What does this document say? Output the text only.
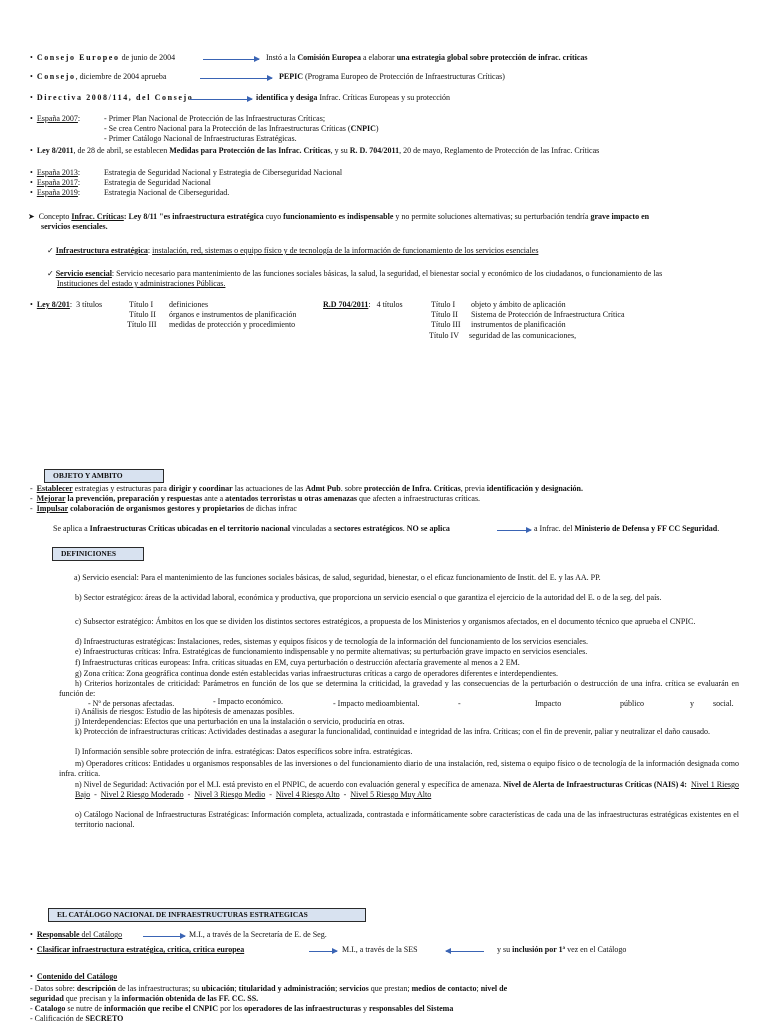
•  Consejo Europeo de junio de 2004	Instó a la Comisión Europea a elaborar una estrategia global sobre protección de infrac. críticas
•  Consejo, diciembre de 2004 aprueba	PEPIC (Programa Europeo de Protección de Infraestructuras Críticas)
•  Directiva 2008/114, del Consejo	identifica y desiga Infrac. Críticas Europeas y su protección
•  España 2007:	- Primer Plan Nacional de Protección de las Infraestructuras Críticas;
- Se crea Centro Nacional para la Protección de las Infraestructuras Críticas (CNPIC)
- Primer Catálogo Nacional de Infraestructuras Estratégicas.
•  Ley 8/2011, de 28 de abril, se establecen Medidas para Protección de las Infrac. Críticas, y su R. D. 704/2011, 20 de mayo, Reglamento de Protección de las Infrac. Críticas
•  España 2013:	Estrategia de Seguridad Nacional y Estrategia de Ciberseguridad Nacional
•  España 2017:	Estrategia de Seguridad Nacional
•  España 2019:	Estrategia Nacional de Ciberseguridad.
➤ Concepto Infrac. Críticas: Ley 8/11 "es infraestructura estratégica cuyo funcionamiento es indispensable y no permite soluciones alternativas; su perturbación tendría grave impacto en
servicios esenciales.
✓ Infraestructura estratégica: instalación, red, sistemas o equipo físico y de tecnología de la información de funcionamiento de los servicios esenciales
✓ Servicio esencial: Servicio necesario para mantenimiento de las funciones sociales básicas, la salud, la seguridad, el bienestar social y económico de los ciudadanos, o funcionamiento de las
Instituciones del estado y administraciones Públicas.
•  Ley 8/201:  3 títulos	Título I definiciones
Título II órganos e instrumentos de planificación
Título III medidas de protección y procedimiento
R.D 704/2011:   4 títulos	Título I objeto y ámbito de aplicación
Título II Sistema de Protección de Infraestructura Crítica
Título III instrumentos de planificación
Título IV seguridad de las comunicaciones,
OBJETO Y AMBITO
-  Establecer estrategias y estructuras para dirigir y coordinar las actuaciones de las Admt Pub. sobre protección de Infra. Críticas, previa identificación y designación.
-  Mejorar la prevención, preparación y respuestas ante a atentados terroristas u otras amenazas que afecten a infraestructuras críticas.
-  Impulsar colaboración de organismos gestores y propietarios de dichas infrac
Se aplica a Infraestructuras Críticas ubicadas en el territorio nacional vinculadas a sectores estratégicos. NO se aplica	a Infrac. del Ministerio de Defensa y FF CC Seguridad.
DEFINICIONES
a) Servicio esencial: Para el mantenimiento de las funciones sociales básicas, de salud, seguridad, bienestar, o el eficaz funcionamiento de Instit. del E. y las AA. PP.
b) Sector estratégico: áreas de la actividad laboral, económica y productiva, que proporciona un servicio esencial o que garantiza el ejercicio de la autoridad del E. o de la seg. del país.
c) Subsector estratégico: Ámbitos en los que se dividen los distintos sectores estratégicos, a propuesta de los Ministerios y organismos afectados, en el documento técnico que aprueba el CNPIC.
d) Infraestructuras estratégicas: Instalaciones, redes, sistemas y equipos físicos y de tecnología de la información del funcionamiento de los servicios esenciales.
e) Infraestructuras críticas: Infra. Estratégicas de funcionamiento indispensable y no permite alternativas; su perturbación grave impacto en servicios esenciales.
f) Infraestructuras críticas europeas: Infra. críticas situadas en EM, cuya perturbación o destrucción afectaría gravemente al menos a 2 EM.
g) Zona crítica: Zona geográfica continua donde estén establecidas varias infraestructuras críticas a cargo de operadores diferentes e interdependientes.
h) Criterios horizontales de criticidad: Parámetros en función de los que se determina la criticidad, la gravedad y las consecuencias de la perturbación o destrucción de una infra. crítica se evaluarán en función de:
- Nº de personas afectadas.	- Impacto económico.	- Impacto medioambiental.	-	Impacto	público	y social.
i) Análisis de riesgos: Estudio de las hipótesis de amenazas posibles.
j) Interdependencias: Efectos que una perturbación en una la instalación o servicio, produciría en otras.
k) Protección de infraestructuras críticas: Actividades destinadas a asegurar la funcionalidad, continuidad e integridad de las infra. Críticas; con el fin de prevenir, paliar y neutralizar el daño causado.
l) Información sensible sobre protección de infra. estratégicas: Datos específicos sobre infra. estratégicas.
m) Operadores críticos: Entidades u organismos responsables de las inversiones o del funcionamiento diario de una instalación, red, sistema o equipo físico o de tecnología de la información designada como infra. crítica.
n) Nivel de Seguridad: Activación por el M.I. está previsto en el PNPIC, de acuerdo con evaluación general y específica de amenaza. Nivel de Alerta de Infraestructuras Críticas (NAIS) 4: Nivel 1 Riesgo Bajo  -  Nivel 2 Riesgo Moderado  -  Nivel 3 Riesgo Medio  -  Nivel 4 Riesgo Alto  -  Nivel 5 Riesgo Muy Alto
o) Catálogo Nacional de Infraestructuras Estratégicas: Información completa, actualizada, contrastada e informáticamente sobre características de cada una de las infraestructuras estratégicas existentes en el territorio nacional.
EL CATÁLOGO NACIONAL DE INFRAESTRUCTURAS ESTRATEGICAS
•  Responsable del Catálogo	M.I., a través de la Secretaría de E. de Seg.
•  Clasificar infraestructura estratégica, critica, critica europea	M.I., a través de la SES	y su inclusión por 1ª vez en el Catálogo
•  Contenido del Catálogo
- Datos sobre: descripción de las infraestructuras; su ubicación; titularidad y administración; servicios que prestan; medios de contacto; nivel de
seguridad que precisan y la información obtenida de las FF. CC. SS.
- Catalogo se nutre de información que recibe el CNPIC por los operadores de las infraestructuras y responsables del Sistema
- Calificación de SECRETO
